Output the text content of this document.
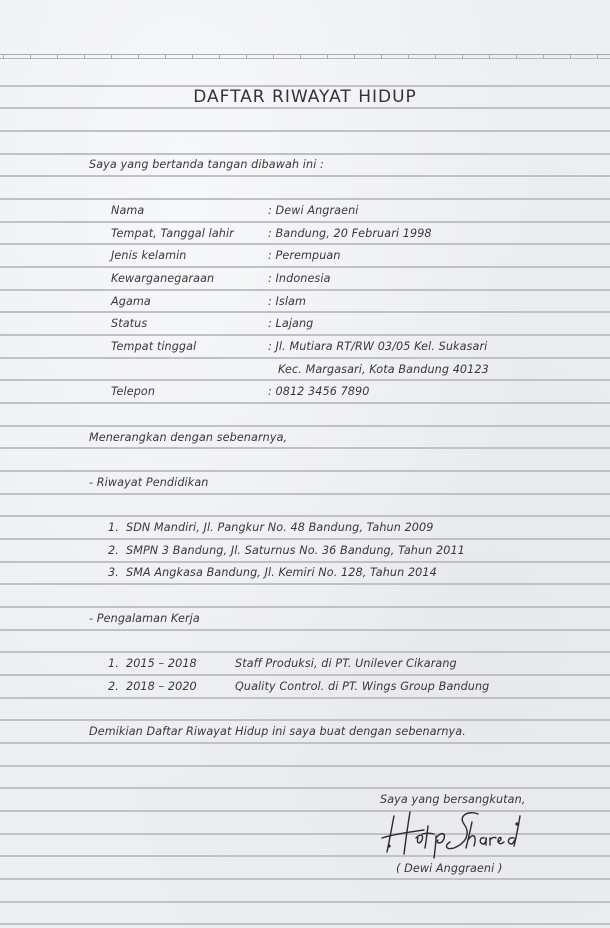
DAFTAR RIWAYAT HIDUP
Saya yang bertanda tangan dibawah ini :
Nama	: Dewi Angraeni
Tempat, Tanggal lahir	: Bandung, 20 Februari 1998
Jenis kelamin	: Perempuan
Kewarganegaraan	: Indonesia
Agama	: Islam
Status	: Lajang
Tempat tinggal	: Jl. Mutiara RT/RW 03/05 Kel. Sukasari
Kec. Margasari, Kota Bandung 40123
Telepon	: 0812 3456 7890
Menerangkan dengan sebenarnya,
- Riwayat Pendidikan
1. SDN Mandiri, Jl. Pangkur No. 48 Bandung, Tahun 2009
2. SMPN 3 Bandung, Jl. Saturnus No. 36 Bandung, Tahun 2011
3. SMA Angkasa Bandung, Jl. Kemiri No. 128, Tahun 2014
- Pengalaman Kerja
1. 2015 – 2018	Staff Produksi, di PT. Unilever Cikarang
2. 2018 – 2020	Quality Control. di PT. Wings Group Bandung
Demikian Daftar Riwayat Hidup ini saya buat dengan sebenarnya.
Saya yang bersangkutan,
( Dewi Anggraeni )
